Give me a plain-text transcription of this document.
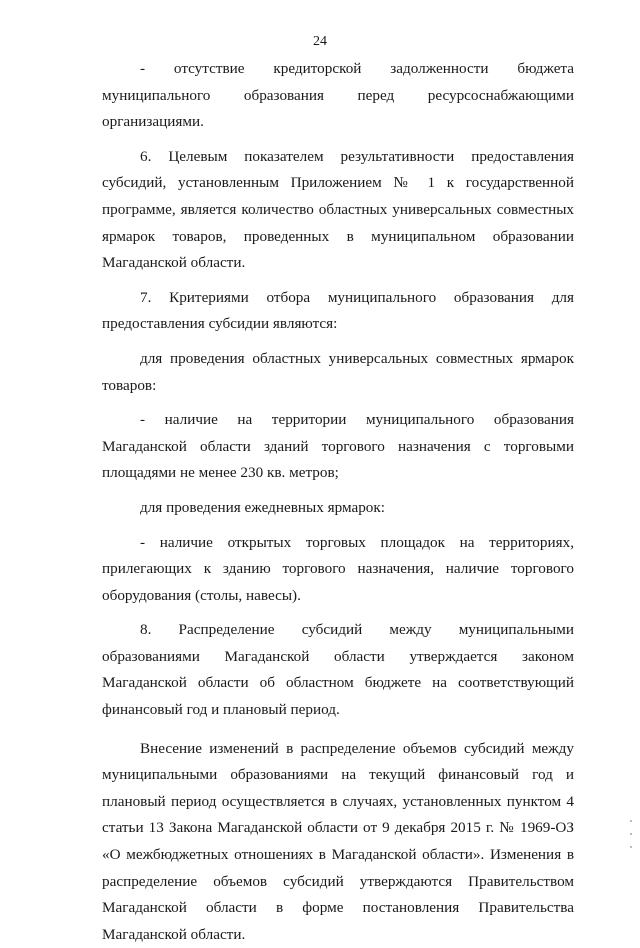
24

- отсутствие кредиторской задолженности бюджета муниципального образования перед ресурсоснабжающими организациями.

6. Целевым показателем результативности предоставления субсидий, установленным Приложением № 1 к государственной программе, является количество областных универсальных совместных ярмарок товаров, проведенных в муниципальном образовании Магаданской области.

7. Критериями отбора муниципального образования для предоставления субсидии являются:

для проведения областных универсальных совместных ярмарок товаров:

- наличие на территории муниципального образования Магаданской области зданий торгового назначения с торговыми площадями не менее 230 кв. метров;

для проведения ежедневных ярмарок:

- наличие открытых торговых площадок на территориях, прилегающих к зданию торгового назначения, наличие торгового оборудования (столы, навесы).

8. Распределение субсидий между муниципальными образованиями Магаданской области утверждается законом Магаданской области об областном бюджете на соответствующий финансовый год и плановый период.

Внесение изменений в распределение объемов субсидий между муниципальными образованиями на текущий финансовый год и плановый период осуществляется в случаях, установленных пунктом 4 статьи 13 Закона Магаданской области от 9 декабря 2015 г. № 1969-ОЗ «О межбюджетных отношениях в Магаданской области». Изменения в распределение объемов субсидий утверждаются Правительством Магаданской области в форме постановления Правительства Магаданской области.
